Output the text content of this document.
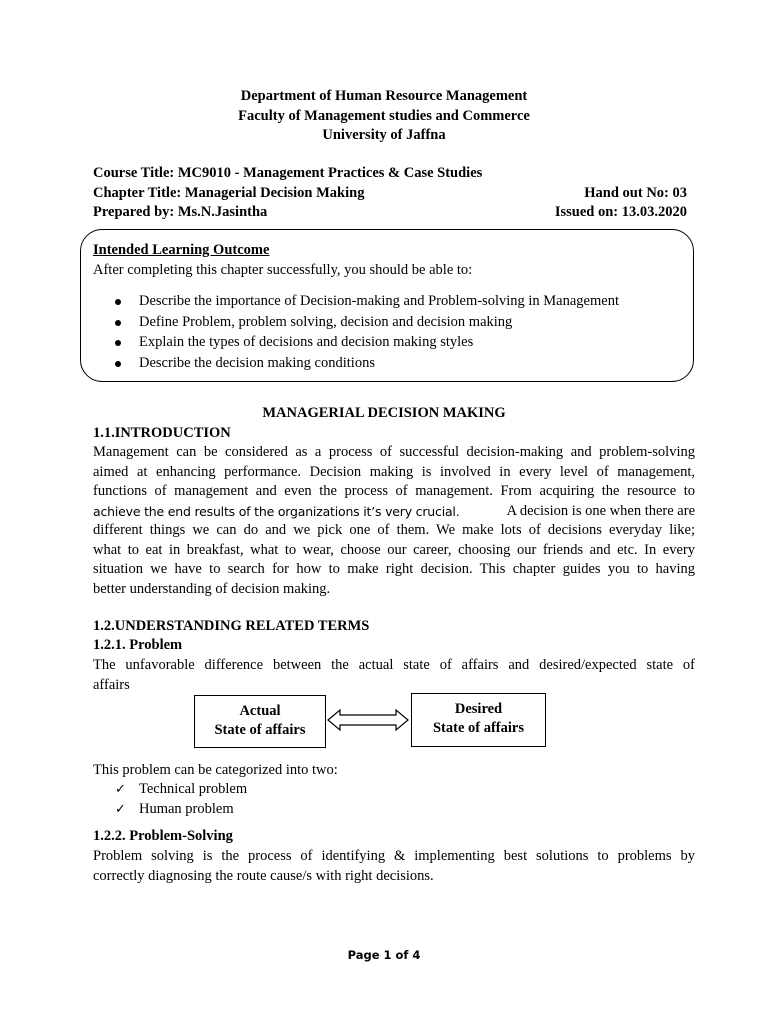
Department of Human Resource Management
Faculty of Management studies and Commerce
University of Jaffna
Course Title: MC9010 - Management Practices & Case Studies
Chapter Title: Managerial Decision Making	Hand out No: 03
Prepared by: Ms.N.Jasintha	Issued on: 13.03.2020
Intended Learning Outcome
After completing this chapter successfully, you should be able to:
Describe the importance of Decision-making and Problem-solving in Management
Define Problem, problem solving, decision and decision making
Explain the types of decisions and decision making styles
Describe the decision making conditions
MANAGERIAL DECISION MAKING
1.1.INTRODUCTION
Management can be considered as a process of successful decision-making and problem-solving
aimed at enhancing performance. Decision making is involved in every level of management,
functions of management and even the process of management. From acquiring the resource to
achieve the end results of the organizations it’s very crucial.	A decision is one when there are
different things we can do and we pick one of them. We make lots of decisions everyday like;
what to eat in breakfast, what to wear, choose our career, choosing our friends and etc. In every
situation we have to search for how to make right decision. This chapter guides you to having
better understanding of decision making.
1.2.UNDERSTANDING RELATED TERMS
1.2.1. Problem
The unfavorable difference between the actual state of affairs and desired/expected state of
affairs
Actual
State of affairs
Desired
State of affairs
This problem can be categorized into two:
✓ Technical problem
✓ Human problem
1.2.2. Problem-Solving
Problem solving is the process of identifying & implementing best solutions to problems by
correctly diagnosing the route cause/s with right decisions.
Page 1 of 4
